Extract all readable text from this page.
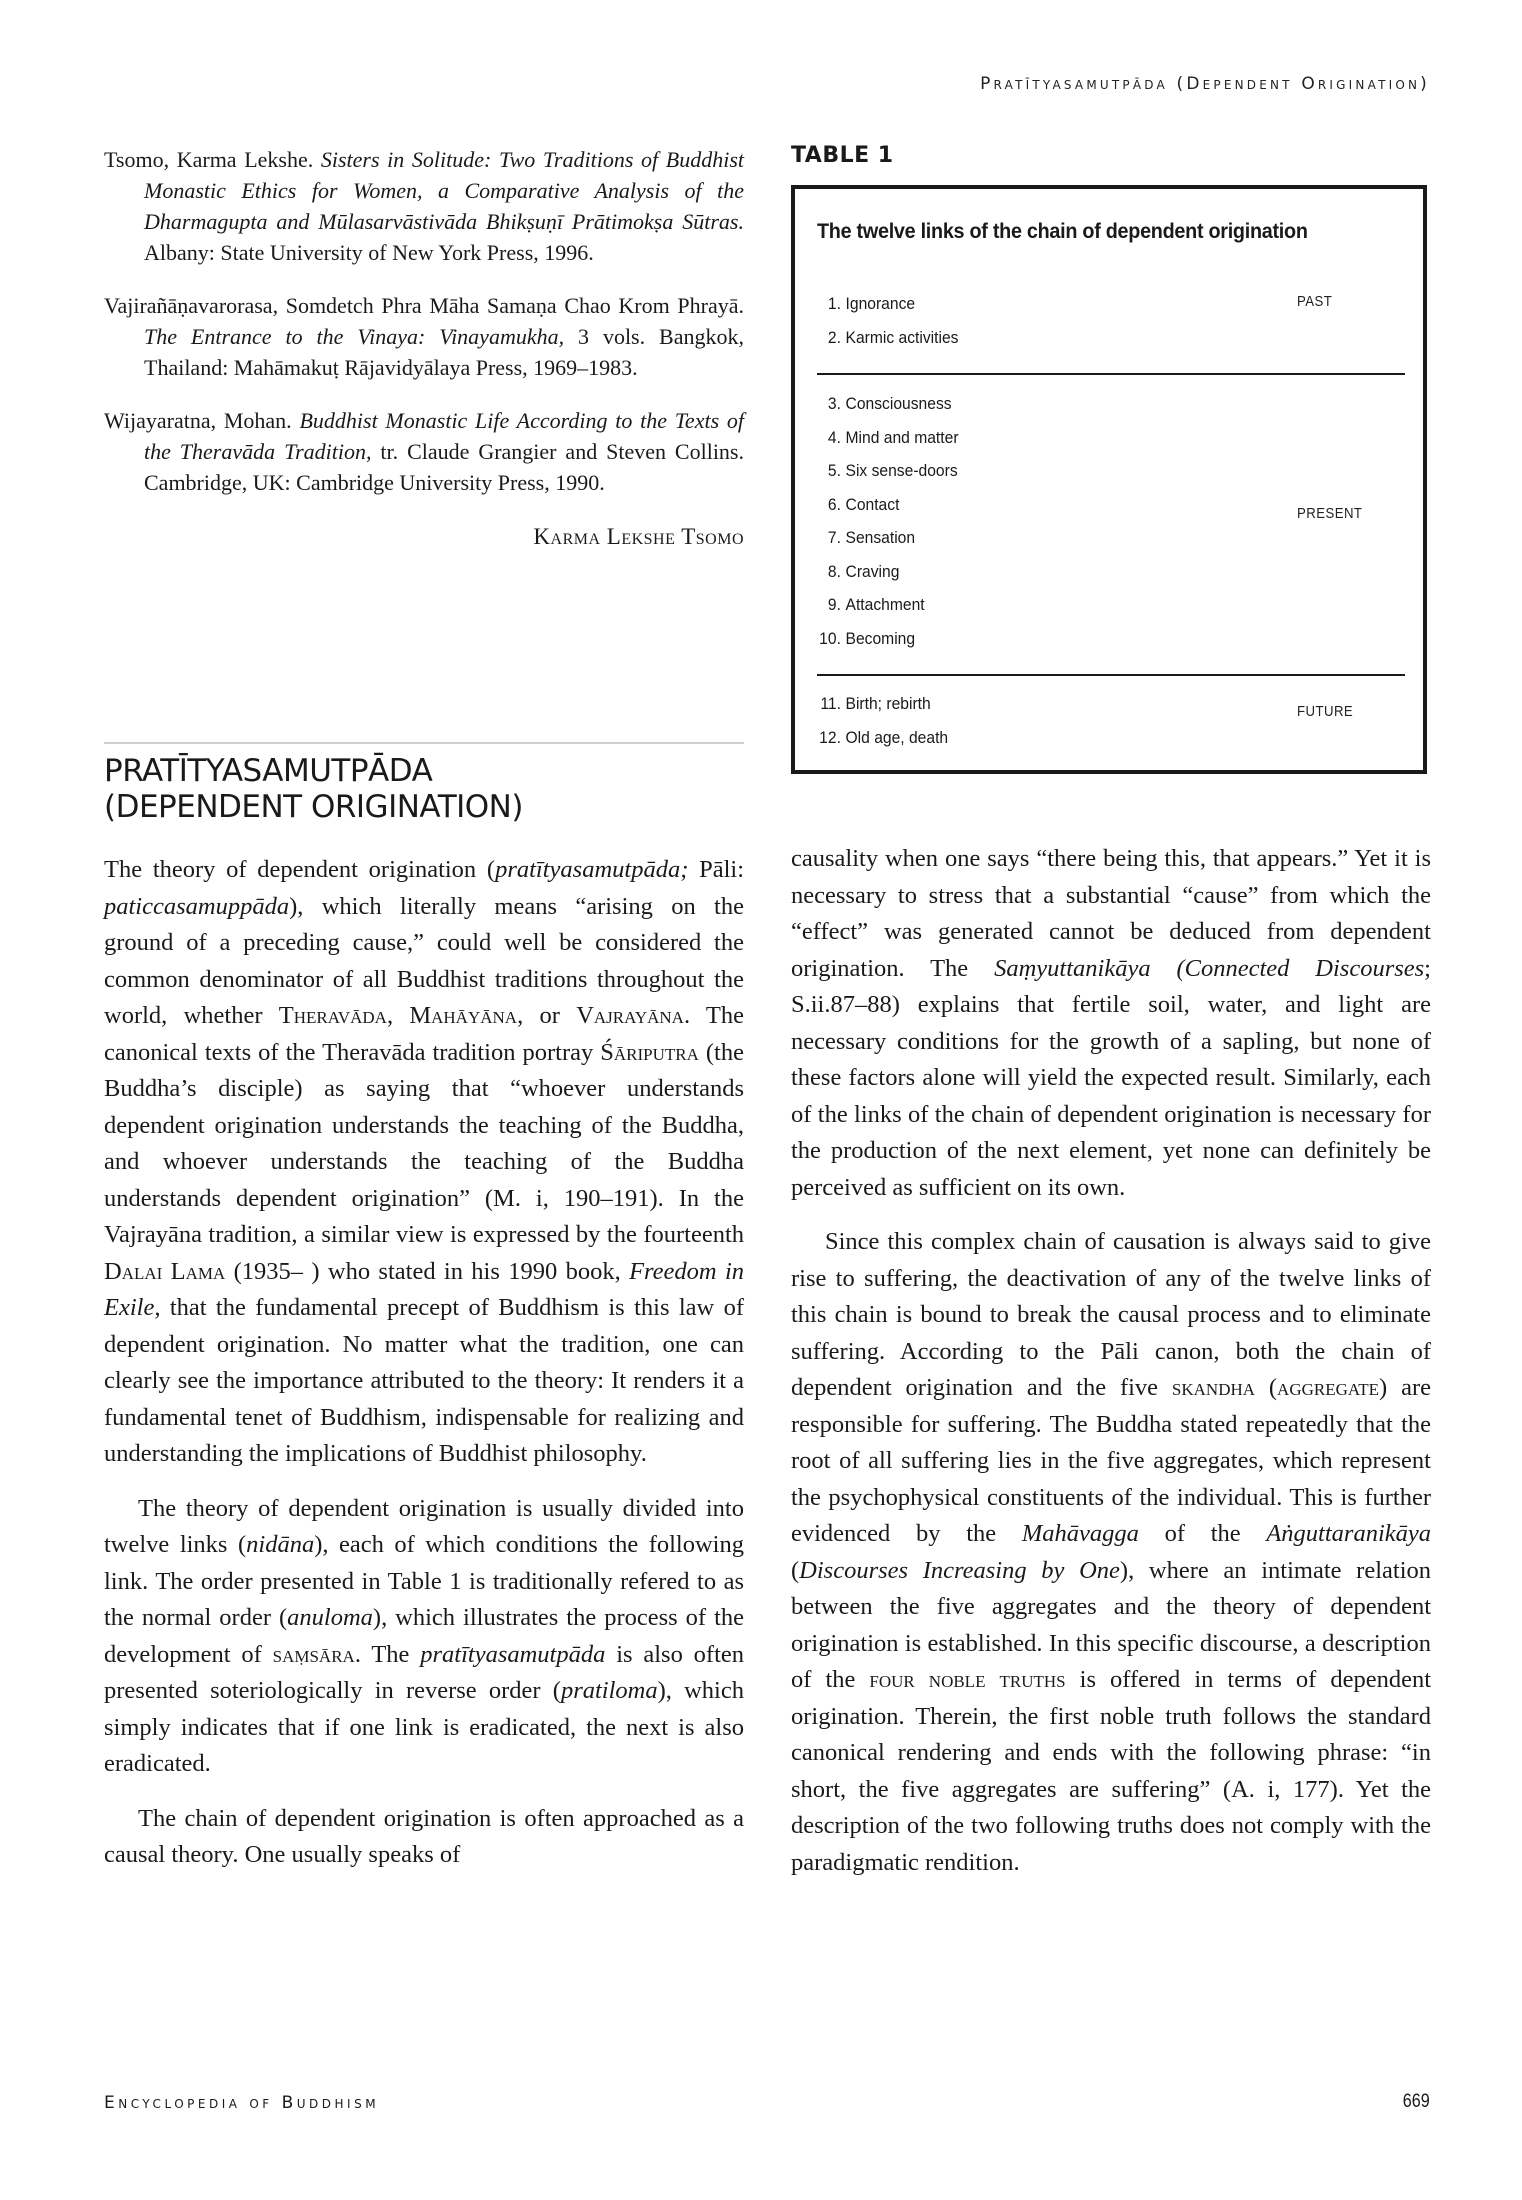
Pratītyasamutpāda (Dependent Origination)

Tsomo, Karma Lekshe. Sisters in Solitude: Two Traditions of Buddhist Monastic Ethics for Women, a Comparative Analysis of the Dharmagupta and Mūlasarvāstivāda Bhikṣuṇī Prātimokṣa Sūtras. Albany: State University of New York Press, 1996.

Vajirañāṇavarorasa, Somdetch Phra Māha Samaṇa Chao Krom Phrayā. The Entrance to the Vinaya: Vinayamukha, 3 vols. Bangkok, Thailand: Mahāmakuṭ Rājavidyālaya Press, 1969–1983.

Wijayaratna, Mohan. Buddhist Monastic Life According to the Texts of the Theravāda Tradition, tr. Claude Grangier and Steven Collins. Cambridge, UK: Cambridge University Press, 1990.

Karma Lekshe Tsomo
PRATĪTYASAMUTPĀDA
(DEPENDENT ORIGINATION)

The theory of dependent origination (pratītyasamutpāda; Pāli: paticcasamuppāda), which literally means “arising on the ground of a preceding cause,” could well be considered the common denominator of all Buddhist traditions throughout the world, whether Theravāda, Mahāyāna, or Vajrayāna. The canonical texts of the Theravāda tradition portray Śāriputra (the Buddha’s disciple) as saying that “whoever understands dependent origination understands the teaching of the Buddha, and whoever understands the teaching of the Buddha understands dependent origination” (M. i, 190–191). In the Vajrayāna tradition, a similar view is expressed by the fourteenth Dalai Lama (1935– ) who stated in his 1990 book, Freedom in Exile, that the fundamental precept of Buddhism is this law of dependent origination. No matter what the tradition, one can clearly see the importance attributed to the theory: It renders it a fundamental tenet of Buddhism, indispensable for realizing and understanding the implications of Buddhist philosophy.

The theory of dependent origination is usually divided into twelve links (nidāna), each of which conditions the following link. The order presented in Table 1 is traditionally refered to as the normal order (anuloma), which illustrates the process of the development of saṃsāra. The pratītyasamutpāda is also often presented soteriologically in reverse order (pratiloma), which simply indicates that if one link is eradicated, the next is also eradicated.

The chain of dependent origination is often approached as a causal theory. One usually speaks of

TABLE 1
The twelve links of the chain of dependent origination
1. Ignorance
2. Karmic activities
PAST
3. Consciousness
4. Mind and matter
5. Six sense-doors
6. Contact
7. Sensation
8. Craving
9. Attachment
10. Becoming
PRESENT
11. Birth; rebirth
12. Old age, death
FUTURE

causality when one says “there being this, that appears.” Yet it is necessary to stress that a substantial “cause” from which the “effect” was generated cannot be deduced from dependent origination. The Saṃyuttanikāya (Connected Discourses; S.ii.87–88) explains that fertile soil, water, and light are necessary conditions for the growth of a sapling, but none of these factors alone will yield the expected result. Similarly, each of the links of the chain of dependent origination is necessary for the production of the next element, yet none can definitely be perceived as sufficient on its own.

Since this complex chain of causation is always said to give rise to suffering, the deactivation of any of the twelve links of this chain is bound to break the causal process and to eliminate suffering. According to the Pāli canon, both the chain of dependent origination and the five skandha (aggregate) are responsible for suffering. The Buddha stated repeatedly that the root of all suffering lies in the five aggregates, which represent the psychophysical constituents of the individual. This is further evidenced by the Mahāvagga of the Aṅguttaranikāya (Discourses Increasing by One), where an intimate relation between the five aggregates and the theory of dependent origination is established. In this specific discourse, a description of the four noble truths is offered in terms of dependent origination. Therein, the first noble truth follows the standard canonical rendering and ends with the following phrase: “in short, the five aggregates are suffering” (A. i, 177). Yet the description of the two following truths does not comply with the paradigmatic rendition.

Encyclopedia of Buddhism	669
